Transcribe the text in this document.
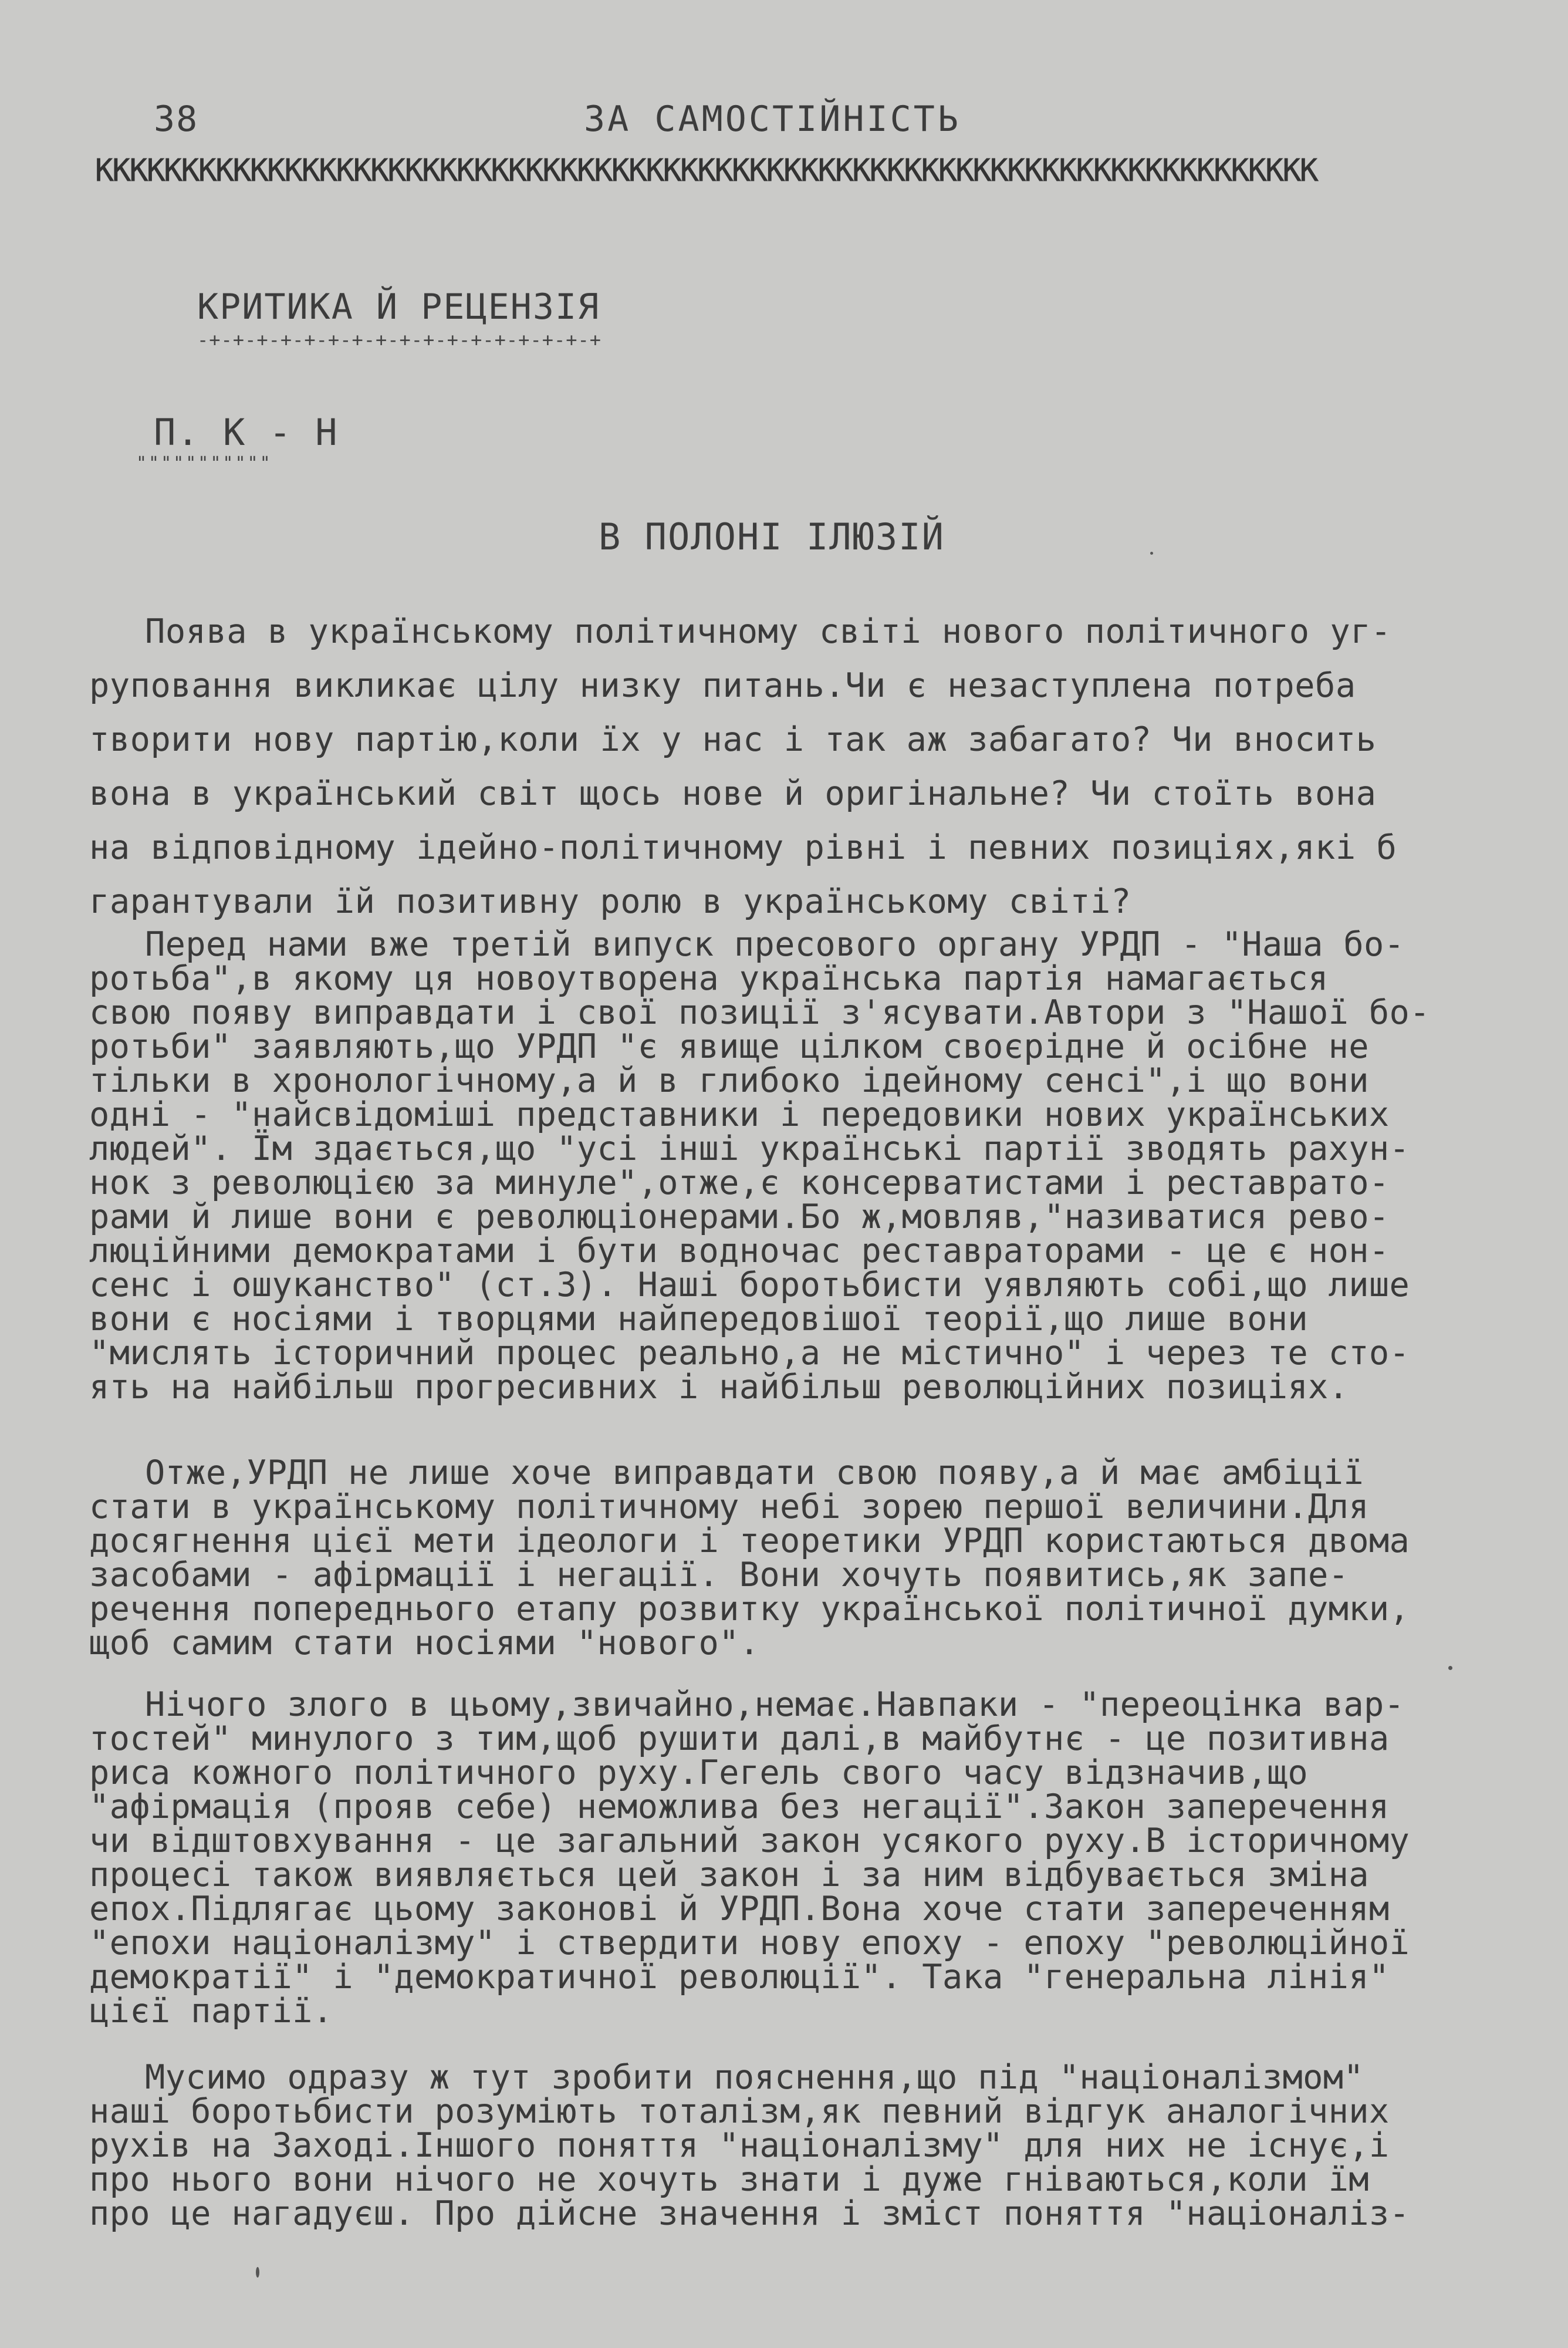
38	ЗА САМОСТІЙНІСТЬ
ккккккккккккккккккккккккккккккккккккккккккккккккккккккккккккккккккккккк
КРИТИКА Й РЕЦЕНЗІЯ
-+-+-+-+-+-+-+-+-+-+-+-+-+-+-+-+-+
П. К - Н
"""""""""""
В ПОЛОНІ ІЛЮЗІЙ
Поява в українському політичному світі нового політичного уг-
руповання викликає цілу низку питань.Чи є незаступлена потреба
творити нову партію,коли їх у нас і так аж забагато? Чи вносить
вона в український світ щось нове й оригінальне? Чи стоїть вона
на відповідному ідейно-політичному рівні і певних позиціях,які б
гарантували їй позитивну ролю в українському світі?
Перед нами вже третій випуск пресового органу УРДП - "Наша бо-
ротьба",в якому ця новоутворена українська партія намагається
свою появу виправдати і свої позиції з'ясувати.Автори з "Нашої бо-
ротьби" заявляють,що УРДП "є явище цілком своєрідне й осібне не
тільки в хронологічному,а й в глибоко ідейному сенсі",і що вони
одні - "найсвідоміші представники і передовики нових українських
людей". Їм здається,що "усі інші українські партії зводять рахун-
нок з революцією за минуле",отже,є консерватистами і реставрато-
рами й лише вони є революціонерами.Бо ж,мовляв,"називатися рево-
люційними демократами і бути водночас реставраторами - це є нон-
сенс і ошуканство" (ст.3). Наші боротьбисти уявляють собі,що лише
вони є носіями і творцями найпередовішої теорії,що лише вони
"мислять історичний процес реально,а не містично" і через те сто-
ять на найбільш прогресивних і найбільш революційних позиціях.
Отже,УРДП не лише хоче виправдати свою появу,а й має амбіції
стати в українському політичному небі зорею першої величини.Для
досягнення цієї мети ідеологи і теоретики УРДП користаються двома
засобами - афірмації і негації. Вони хочуть появитись,як запе-
речення попереднього етапу розвитку української політичної думки,
щоб самим стати носіями "нового".
Нічого злого в цьому,звичайно,немає.Навпаки - "переоцінка вар-
тостей" минулого з тим,щоб рушити далі,в майбутнє - це позитивна
риса кожного політичного руху.Гегель свого часу відзначив,що
"афірмація (прояв себе) неможлива без негації".Закон заперечення
чи відштовхування - це загальний закон усякого руху.В історичному
процесі також виявляється цей закон і за ним відбувається зміна
епох.Підлягає цьому законові й УРДП.Вона хоче стати запереченням
"епохи націоналізму" і ствердити нову епоху - епоху "революційної
демократії" і "демократичної революції". Така "генеральна лінія"
цієї партії.
Мусимо одразу ж тут зробити пояснення,що під "націоналізмом"
наші боротьбисти розуміють тоталізм,як певний відгук аналогічних
рухів на Заході.Іншого поняття "націоналізму" для них не існує,і
про нього вони нічого не хочуть знати і дуже гніваються,коли їм
про це нагадуєш. Про дійсне значення і зміст поняття "націоналіз-
